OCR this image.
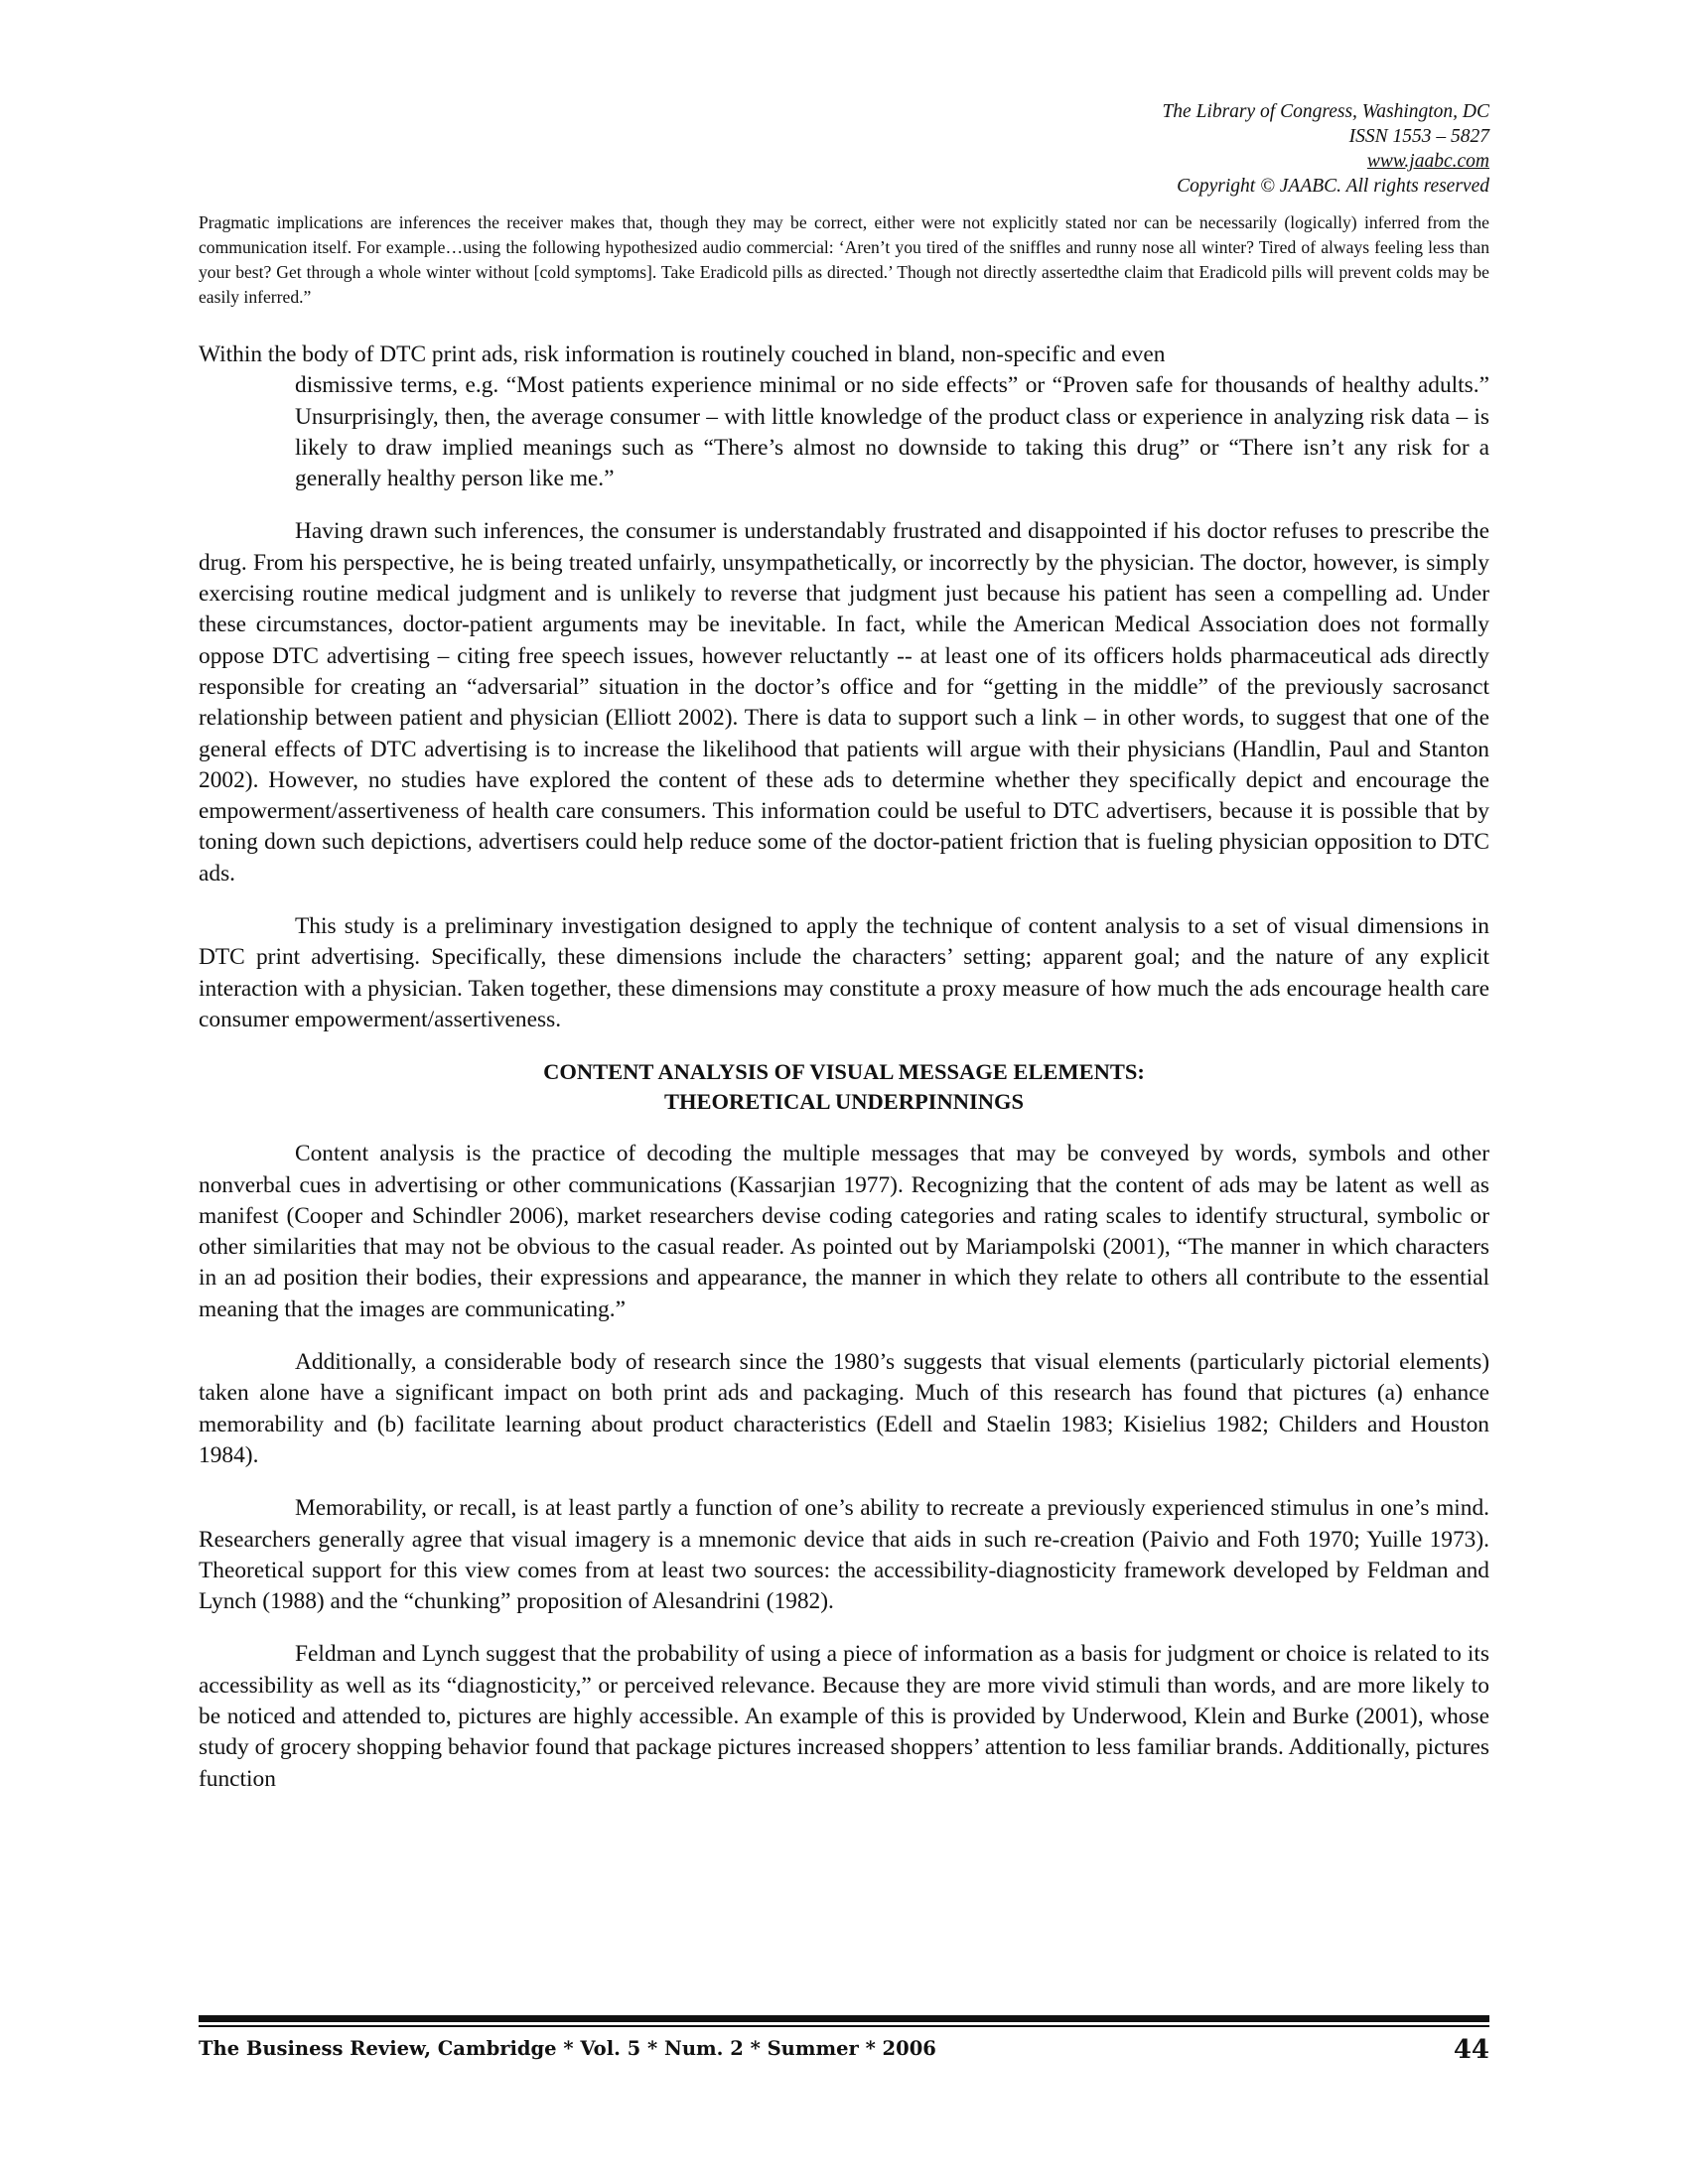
The Library of Congress, Washington, DC
ISSN 1553 – 5827
www.jaabc.com
Copyright © JAABC. All rights reserved
Pragmatic implications are inferences the receiver makes that, though they may be correct, either were not explicitly stated nor can be necessarily (logically) inferred from the communication itself. For example…using the following hypothesized audio commercial: ‘Aren’t you tired of the sniffles and runny nose all winter? Tired of always feeling less than your best? Get through a whole winter without [cold symptoms]. Take Eradicold pills as directed.’ Though not directly assertedthe claim that Eradicold pills will prevent colds may be easily inferred.”

Within the body of DTC print ads, risk information is routinely couched in bland, non-specific and even
dismissive terms, e.g. “Most patients experience minimal or no side effects” or “Proven safe for thousands of healthy adults.” Unsurprisingly, then, the average consumer – with little knowledge of the product class or experience in analyzing risk data – is likely to draw implied meanings such as “There’s almost no downside to taking this drug” or “There isn’t any risk for a generally healthy person like me.”

Having drawn such inferences, the consumer is understandably frustrated and disappointed if his doctor refuses to prescribe the drug. From his perspective, he is being treated unfairly, unsympathetically, or incorrectly by the physician. The doctor, however, is simply exercising routine medical judgment and is unlikely to reverse that judgment just because his patient has seen a compelling ad. Under these circumstances, doctor-patient arguments may be inevitable. In fact, while the American Medical Association does not formally oppose DTC advertising – citing free speech issues, however reluctantly -- at least one of its officers holds pharmaceutical ads directly responsible for creating an “adversarial” situation in the doctor’s office and for “getting in the middle” of the previously sacrosanct relationship between patient and physician (Elliott 2002). There is data to support such a link – in other words, to suggest that one of the general effects of DTC advertising is to increase the likelihood that patients will argue with their physicians (Handlin, Paul and Stanton 2002). However, no studies have explored the content of these ads to determine whether they specifically depict and encourage the empowerment/assertiveness of health care consumers. This information could be useful to DTC advertisers, because it is possible that by toning down such depictions, advertisers could help reduce some of the doctor-patient friction that is fueling physician opposition to DTC ads.

This study is a preliminary investigation designed to apply the technique of content analysis to a set of visual dimensions in DTC print advertising. Specifically, these dimensions include the characters’ setting; apparent goal; and the nature of any explicit interaction with a physician. Taken together, these dimensions may constitute a proxy measure of how much the ads encourage health care consumer empowerment/assertiveness.

CONTENT ANALYSIS OF VISUAL MESSAGE ELEMENTS:
THEORETICAL UNDERPINNINGS

Content analysis is the practice of decoding the multiple messages that may be conveyed by words, symbols and other nonverbal cues in advertising or other communications (Kassarjian 1977). Recognizing that the content of ads may be latent as well as manifest (Cooper and Schindler 2006), market researchers devise coding categories and rating scales to identify structural, symbolic or other similarities that may not be obvious to the casual reader. As pointed out by Mariampolski (2001), “The manner in which characters in an ad position their bodies, their expressions and appearance, the manner in which they relate to others all contribute to the essential meaning that the images are communicating.”

Additionally, a considerable body of research since the 1980’s suggests that visual elements (particularly pictorial elements) taken alone have a significant impact on both print ads and packaging. Much of this research has found that pictures (a) enhance memorability and (b) facilitate learning about product characteristics (Edell and Staelin 1983; Kisielius 1982; Childers and Houston 1984).

Memorability, or recall, is at least partly a function of one’s ability to recreate a previously experienced stimulus in one’s mind. Researchers generally agree that visual imagery is a mnemonic device that aids in such re-creation (Paivio and Foth 1970; Yuille 1973). Theoretical support for this view comes from at least two sources: the accessibility-diagnosticity framework developed by Feldman and Lynch (1988) and the “chunking” proposition of Alesandrini (1982).

Feldman and Lynch suggest that the probability of using a piece of information as a basis for judgment or choice is related to its accessibility as well as its “diagnosticity,” or perceived relevance. Because they are more vivid stimuli than words, and are more likely to be noticed and attended to, pictures are highly accessible. An example of this is provided by Underwood, Klein and Burke (2001), whose study of grocery shopping behavior found that package pictures increased shoppers’ attention to less familiar brands. Additionally, pictures function

The Business Review, Cambridge * Vol. 5 * Num. 2 * Summer * 2006	44
